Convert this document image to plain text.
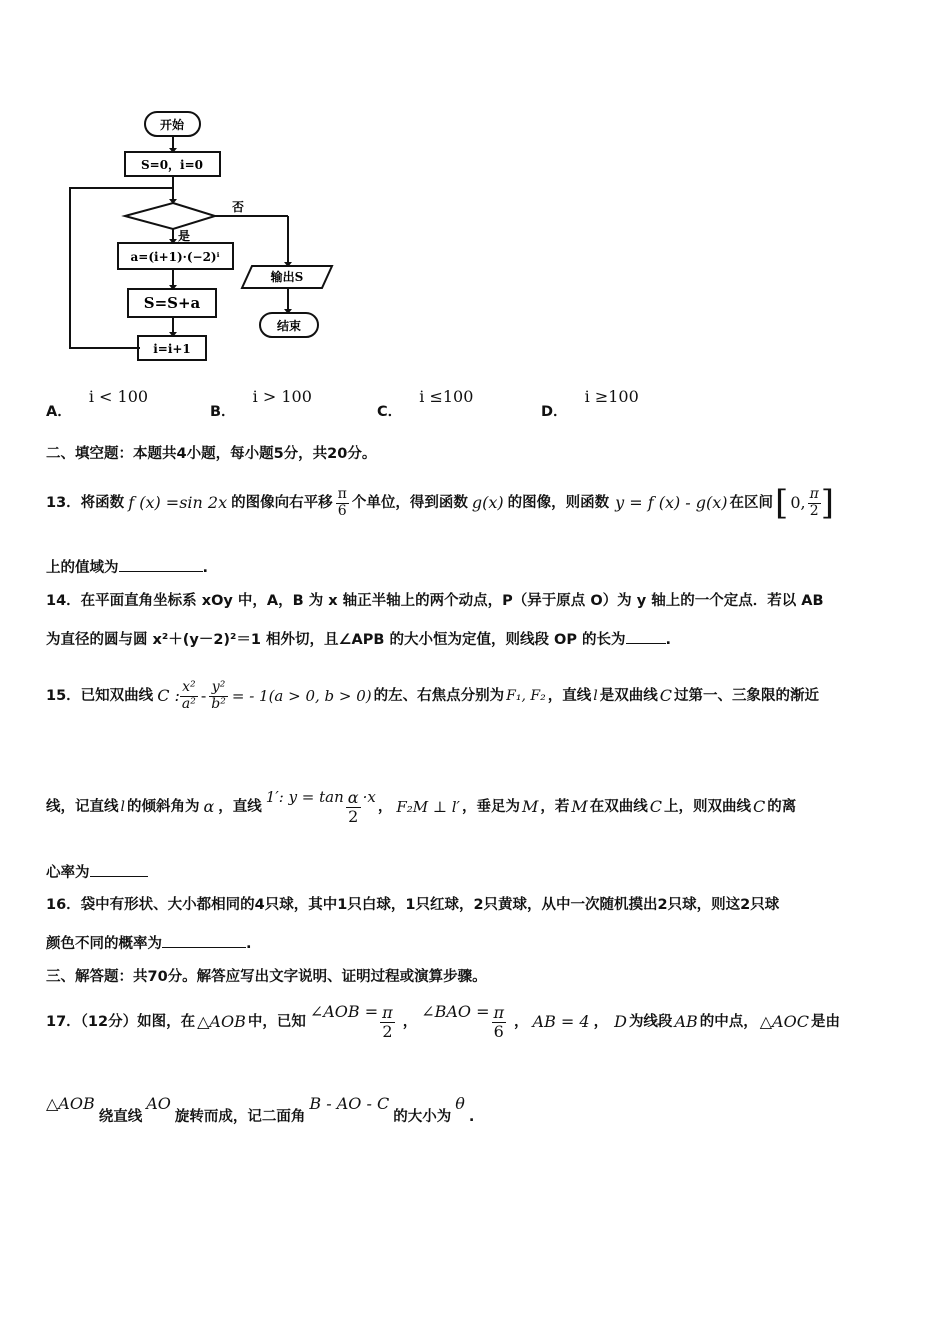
开始
S=0，i=0
否
是
a=(i+1)·(−2)ⁱ
S=S+a
i=i+1
输出S
结束
A． i < 100
B． i > 100
C． i ≤100
D． i ≥100
二、填空题：本题共4小题，每小题5分，共20分。
13．将函数 f (x) =sin 2x 的图像向右平移 $\frac{\pi}{6}$ 个单位，得到函数 g(x) 的图像，则函数 y = f (x) - g(x) 在区间 [ 0, $\frac{\pi}{2}$ ]
上的值域为	.
14．在平面直角坐标系 xOy 中，A，B 为 x 轴正半轴上的两个动点，P（异于原点 O）为 y 轴上的一个定点．若以 AB
为直径的圆与圆 x²＋(y－2)²＝1 相外切，且∠APB 的大小恒为定值，则线段 OP 的长为	.
15．已知双曲线 C : $\frac{\text{x²}}{\text{a²}} - \frac{\text{y²}}{\text{b²}}$ = - 1(a > 0, b > 0) 的左、右焦点分别为 F₁, F₂ ，直线 l 是双曲线 C 过第一、三象限的渐近
线，记直线 l 的倾斜角为 α ，直线
1′: $y = \tan \frac{\alpha}{2} \cdot x$
， F₂M ⊥ l′ ，垂足为 M ，若 M 在双曲线 C 上，则双曲线 C 的离
心率为
16．袋中有形状、大小都相同的4只球，其中1只白球，1只红球，2只黄球，从中一次随机摸出2只球，则这2只球
颜色不同的概率为	.
三、解答题：共70分。解答应写出文字说明、证明过程或演算步骤。
17．（12分）如图，在 △AOB 中，已知
∠AOB = $\frac{\pi}{2}$ ，
∠BAO = $\frac{\pi}{6}$ ， AB = 4 ， D 为线段 AB 的中点， △AOC 是由
△AOB
绕直线
AO
旋转而成，记二面角
B - AO - C
的大小为
θ
.
